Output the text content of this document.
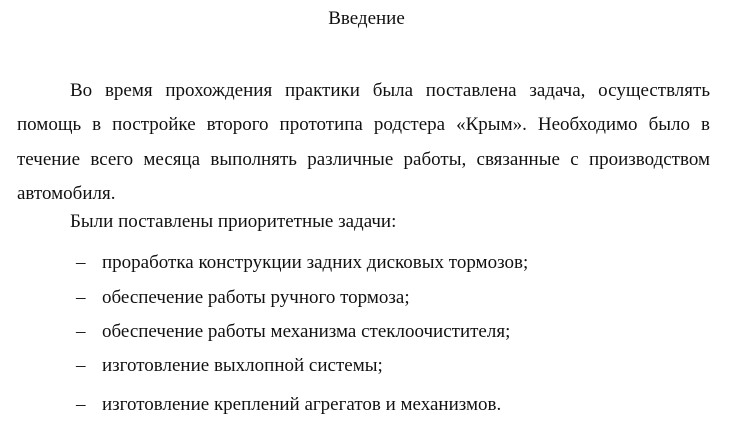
Введение

Во время прохождения практики была поставлена задача, осуществлять помощь в постройке второго прототипа родстера «Крым». Необходимо было в течение всего месяца выполнять различные работы, связанные с производством автомобиля.

Были поставлены приоритетные задачи:
– проработка конструкции задних дисковых тормозов;
– обеспечение работы ручного тормоза;
– обеспечение работы механизма стеклоочистителя;
– изготовление выхлопной системы;
– изготовление креплений агрегатов и механизмов.
